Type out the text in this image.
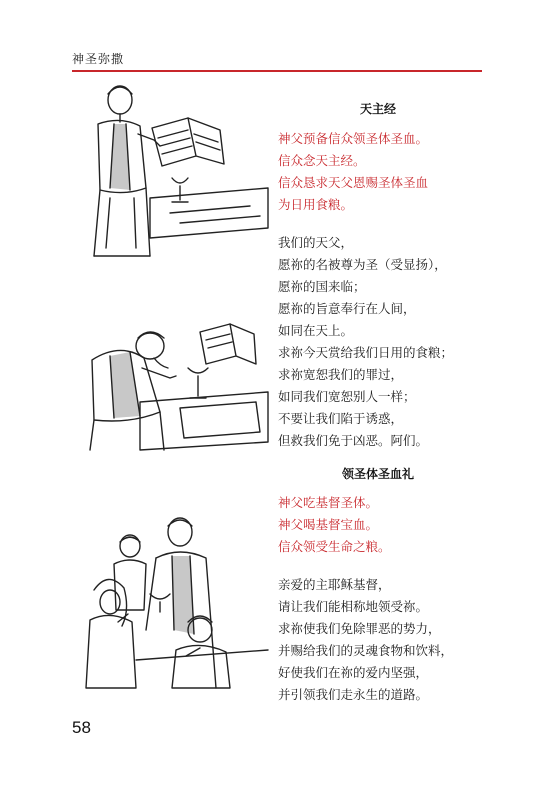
神圣弥撒
天主经
神父预备信众领圣体圣血。
信众念天主经。
信众恳求天父恩赐圣体圣血
为日用食粮。
我们的天父，
愿祢的名被尊为圣（受显扬），
愿祢的国来临；
愿祢的旨意奉行在人间，
如同在天上。
求祢今天赏给我们日用的食粮；
求祢宽恕我们的罪过，
如同我们宽恕别人一样；
不要让我们陷于诱惑，
但救我们免于凶恶。阿们。
领圣体圣血礼
神父吃基督圣体。
神父喝基督宝血。
信众领受生命之粮。
亲爱的主耶稣基督，
请让我们能相称地领受祢。
求祢使我们免除罪恶的势力，
并赐给我们的灵魂食物和饮料，
好使我们在祢的爱内坚强，
并引领我们走永生的道路。
58
